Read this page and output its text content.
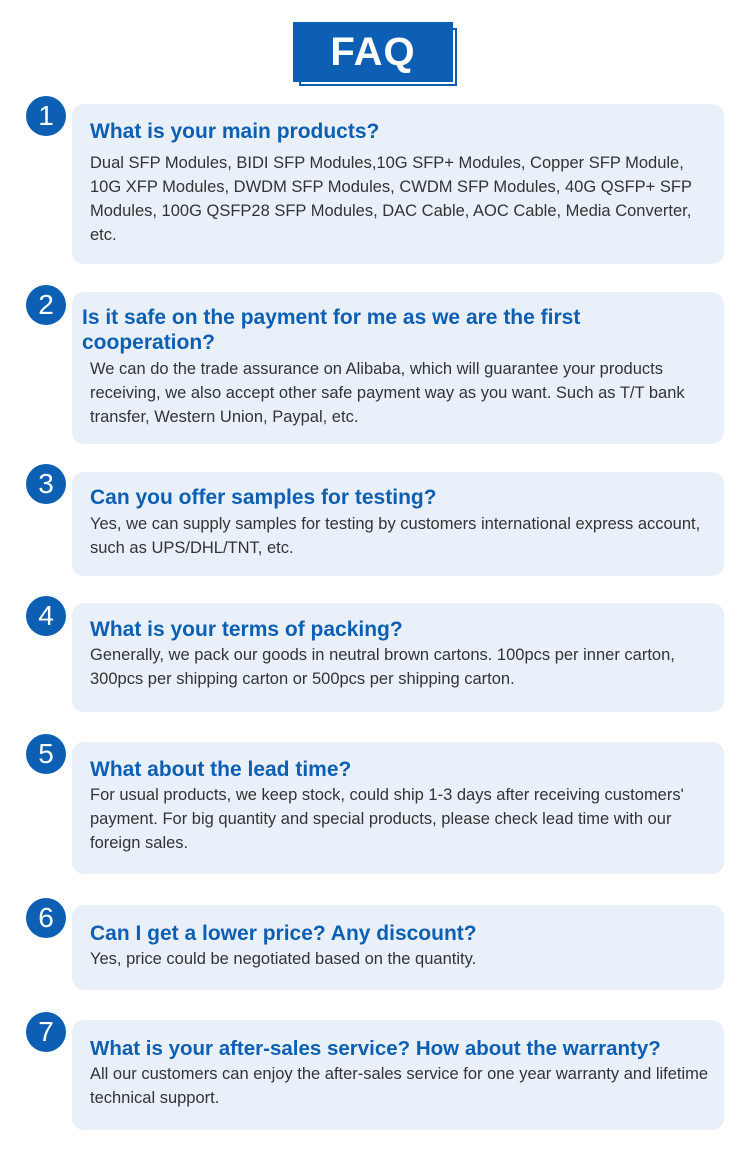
FAQ
1
What is your main products?
Dual SFP Modules, BIDI SFP Modules,10G SFP+ Modules, Copper SFP Module, 10G XFP Modules, DWDM SFP Modules, CWDM SFP Modules, 40G QSFP+ SFP Modules, 100G QSFP28 SFP Modules, DAC Cable, AOC Cable, Media Converter, etc.
2	Is it safe on the payment for me as we are the first cooperation?
We can do the trade assurance on Alibaba, which will guarantee your products receiving, we also accept other safe payment way as you want. Such as T/T bank transfer, Western Union, Paypal, etc.
3	Can you offer samples for testing?
Yes, we can supply samples for testing by customers international express account, such as UPS/DHL/TNT, etc.
4	What is your terms of packing?
Generally, we pack our goods in neutral brown cartons. 100pcs per inner carton, 300pcs per shipping carton or 500pcs per shipping carton.
5
What about the lead time?
For usual products, we keep stock, could ship 1-3 days after receiving customers' payment. For big quantity and special products, please check lead time with our foreign sales.
6
Can I get a lower price? Any discount?
Yes, price could be negotiated based on the quantity.
7
What is your after-sales service? How about the warranty?
All our customers can enjoy the after-sales service for one year warranty and lifetime technical support.
